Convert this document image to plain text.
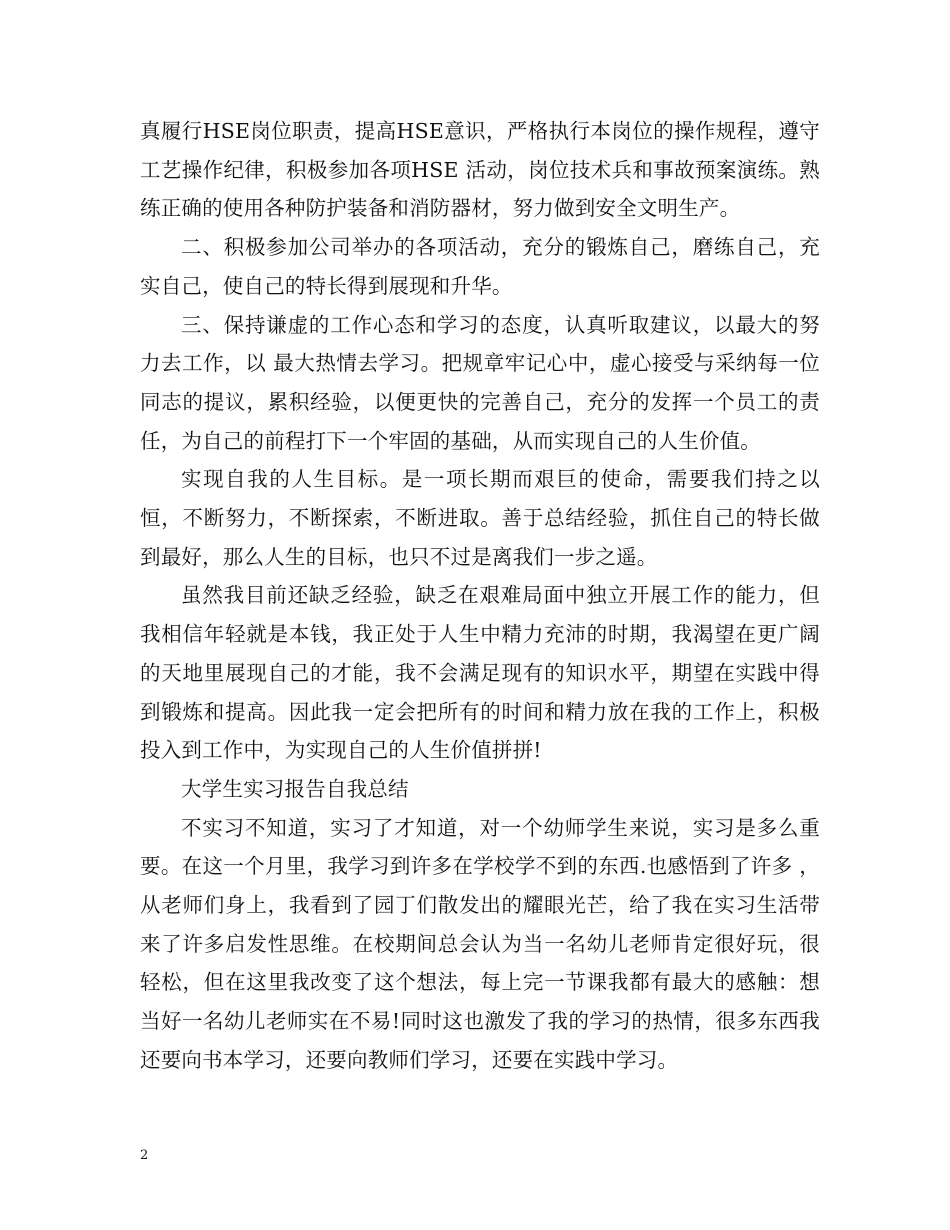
真履行HSE岗位职责，提高HSE意识，严格执行本岗位的操作规程，遵守工艺操作纪律，积极参加各项HSE 活动，岗位技术兵和事故预案演练。熟练正确的使用各种防护装备和消防器材，努力做到安全文明生产。

二、积极参加公司举办的各项活动，充分的锻炼自己，磨练自己，充实自己，使自己的特长得到展现和升华。

三、保持谦虚的工作心态和学习的态度，认真听取建议，以最大的努力去工作，以 最大热情去学习。把规章牢记心中，虚心接受与采纳每一位同志的提议，累积经验，以便更快的完善自己，充分的发挥一个员工的责任，为自己的前程打下一个牢固的基础，从而实现自己的人生价值。

实现自我的人生目标。是一项长期而艰巨的使命，需要我们持之以恒，不断努力，不断探索，不断进取。善于总结经验，抓住自己的特长做到最好，那么人生的目标，也只不过是离我们一步之遥。

虽然我目前还缺乏经验，缺乏在艰难局面中独立开展工作的能力，但我相信年轻就是本钱，我正处于人生中精力充沛的时期，我渴望在更广阔的天地里展现自己的才能，我不会满足现有的知识水平，期望在实践中得到锻炼和提高。因此我一定会把所有的时间和精力放在我的工作上，积极投入到工作中，为实现自己的人生价值拼拼!

大学生实习报告自我总结

不实习不知道，实习了才知道，对一个幼师学生来说，实习是多么重要。在这一个月里，我学习到许多在学校学不到的东西.也感悟到了许多 ，从老师们身上，我看到了园丁们散发出的耀眼光芒，给了我在实习生活带来了许多启发性思维。在校期间总会认为当一名幼儿老师肯定很好玩，很轻松，但在这里我改变了这个想法，每上完一节课我都有最大的感触：想当好一名幼儿老师实在不易!同时这也激发了我的学习的热情，很多东西我还要向书本学习，还要向教师们学习，还要在实践中学习。

2
